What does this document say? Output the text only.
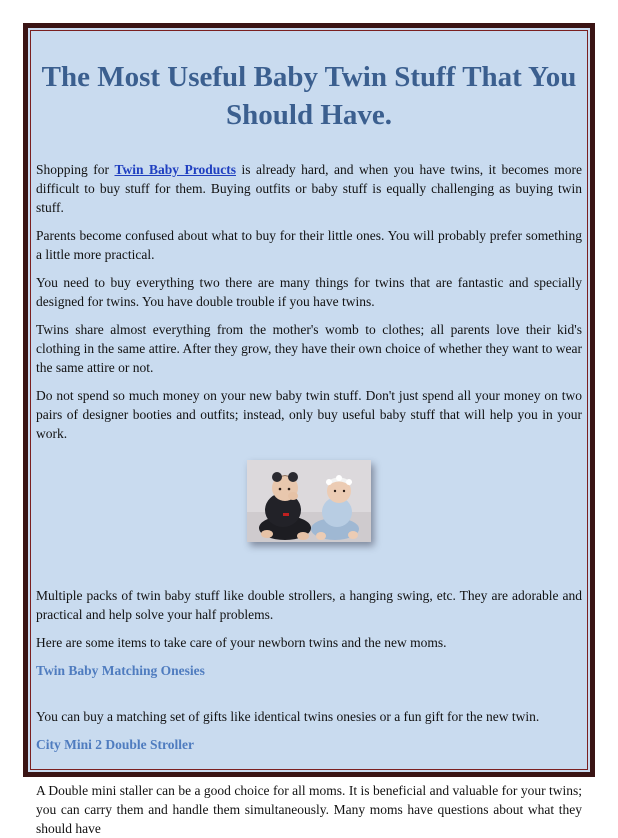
The Most Useful Baby Twin Stuff That You Should Have.

Shopping for Twin Baby Products is already hard, and when you have twins, it becomes more difficult to buy stuff for them. Buying outfits or baby stuff is equally challenging as buying twin stuff.

Parents become confused about what to buy for their little ones. You will probably prefer something a little more practical.

You need to buy everything two there are many things for twins that are fantastic and specially designed for twins. You have double trouble if you have twins.

Twins share almost everything from the mother's womb to clothes; all parents love their kid's clothing in the same attire. After they grow, they have their own choice of whether they want to wear the same attire or not.

Do not spend so much money on your new baby twin stuff. Don't just spend all your money on two pairs of designer booties and outfits; instead, only buy useful baby stuff that will help you in your work.

Multiple packs of twin baby stuff like double strollers, a hanging swing, etc. They are adorable and practical and help solve your half problems.

Here are some items to take care of your newborn twins and the new moms.

Twin Baby Matching Onesies

You can buy a matching set of gifts like identical twins onesies or a fun gift for the new twin.

City Mini 2 Double Stroller

A Double mini staller can be a good choice for all moms. It is beneficial and valuable for your twins; you can carry them and handle them simultaneously. Many moms have questions about what they should have
